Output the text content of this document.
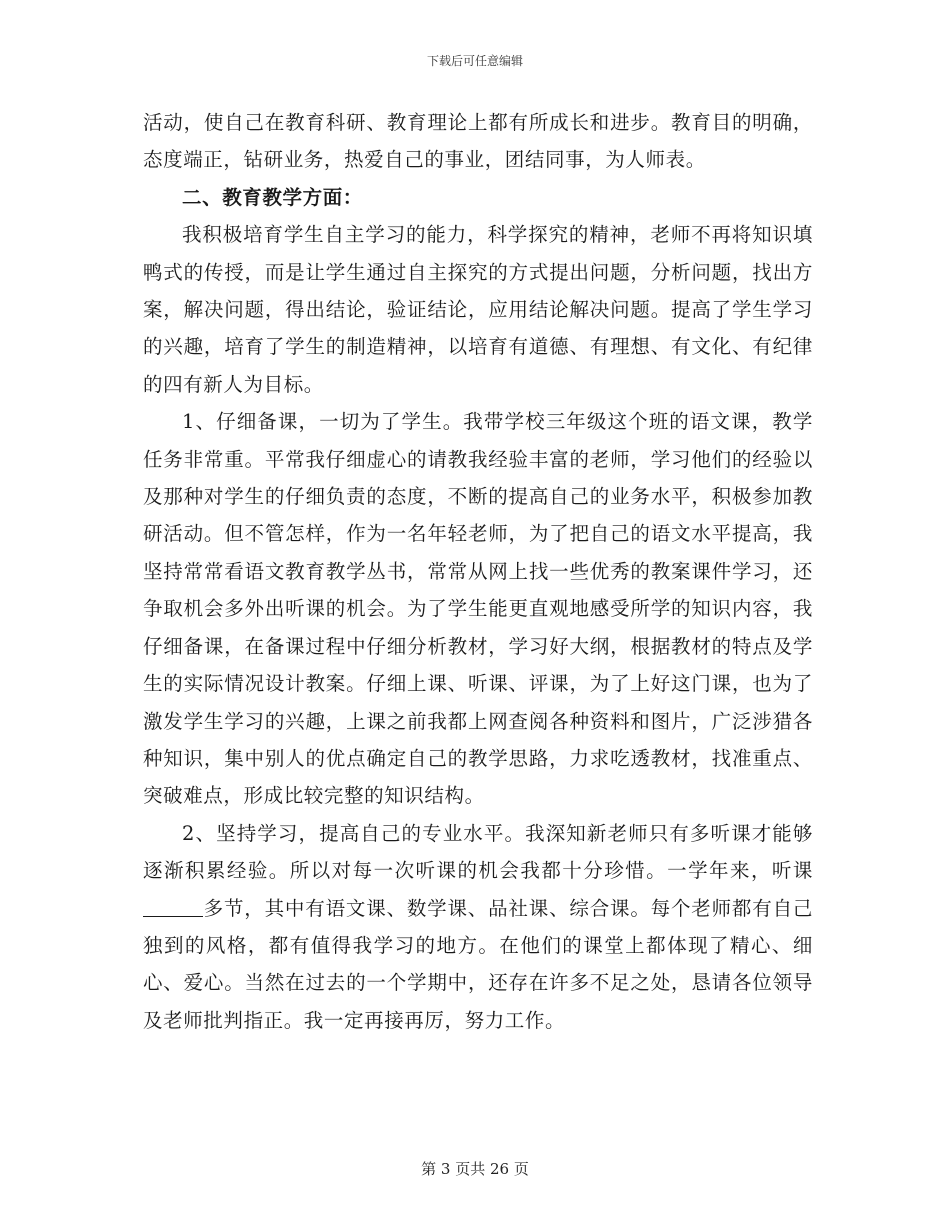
下载后可任意编辑

活动，使自己在教育科研、教育理论上都有所成长和进步。教育目的明确，态度端正，钻研业务，热爱自己的事业，团结同事，为人师表。

二、教育教学方面：

我积极培育学生自主学习的能力，科学探究的精神，老师不再将知识填鸭式的传授，而是让学生通过自主探究的方式提出问题，分析问题，找出方案，解决问题，得出结论，验证结论，应用结论解决问题。提高了学生学习的兴趣，培育了学生的制造精神，以培育有道德、有理想、有文化、有纪律的四有新人为目标。

1、仔细备课，一切为了学生。我带学校三年级这个班的语文课，教学任务非常重。平常我仔细虚心的请教我经验丰富的老师，学习他们的经验以及那种对学生的仔细负责的态度，不断的提高自己的业务水平，积极参加教研活动。但不管怎样，作为一名年轻老师，为了把自己的语文水平提高，我坚持常常看语文教育教学丛书，常常从网上找一些优秀的教案课件学习，还争取机会多外出听课的机会。为了学生能更直观地感受所学的知识内容，我仔细备课，在备课过程中仔细分析教材，学习好大纲，根据教材的特点及学生的实际情况设计教案。仔细上课、听课、评课，为了上好这门课，也为了激发学生学习的兴趣，上课之前我都上网查阅各种资料和图片，广泛涉猎各种知识，集中别人的优点确定自己的教学思路，力求吃透教材，找准重点、突破难点，形成比较完整的知识结构。

2、坚持学习，提高自己的专业水平。我深知新老师只有多听课才能够逐渐积累经验。所以对每一次听课的机会我都十分珍惜。一学年来，听课多节，其中有语文课、数学课、品社课、综合课。每个老师都有自己独到的风格，都有值得我学习的地方。在他们的课堂上都体现了精心、细心、爱心。当然在过去的一个学期中，还存在许多不足之处，恳请各位领导及老师批判指正。我一定再接再厉，努力工作。

第 3 页共 26 页
